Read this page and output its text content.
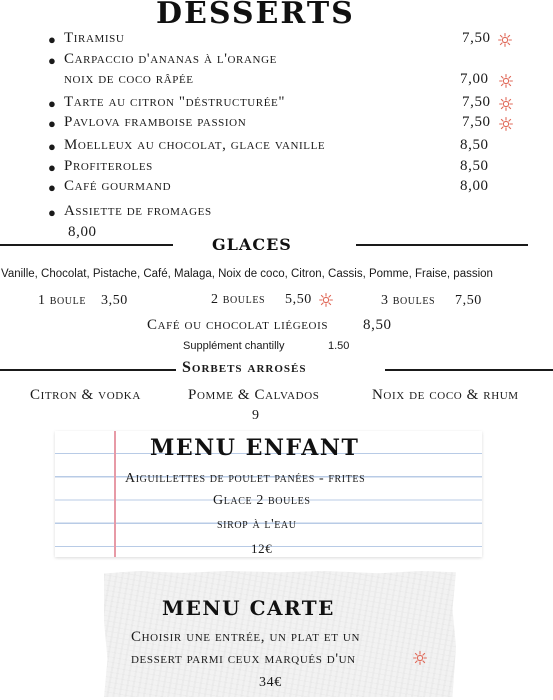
DESSERTS
● Tiramisu	7,50
● Carpaccio d'ananas à l'orange
noix de coco râpée	7,00
● Tarte au citron "déstructurée"	7,50
● Pavlova framboise passion	7,50
● Moelleux au chocolat, glace vanille	8,50
● Profiteroles	8,50
● Café gourmand	8,00
● Assiette de fromages
8,00
GLACES
Vanille, Chocolat, Pistache, Café, Malaga, Noix de coco, Citron, Cassis, Pomme, Fraise, passion
1 boule 3,50	2 boules 5,50	3 boules 7,50
Café ou chocolat liégeois 8,50
Supplément chantilly	1.50
Sorbets arrosés
Citron & vodka	Pomme & Calvados	Noix de coco & rhum
9
MENU ENFANT
Aiguillettes de poulet panées - frites
Glace 2 boules
sirop à l'eau
12€
MENU CARTE
Choisir une entrée, un plat et un
dessert parmi ceux marqués d'un
34€
